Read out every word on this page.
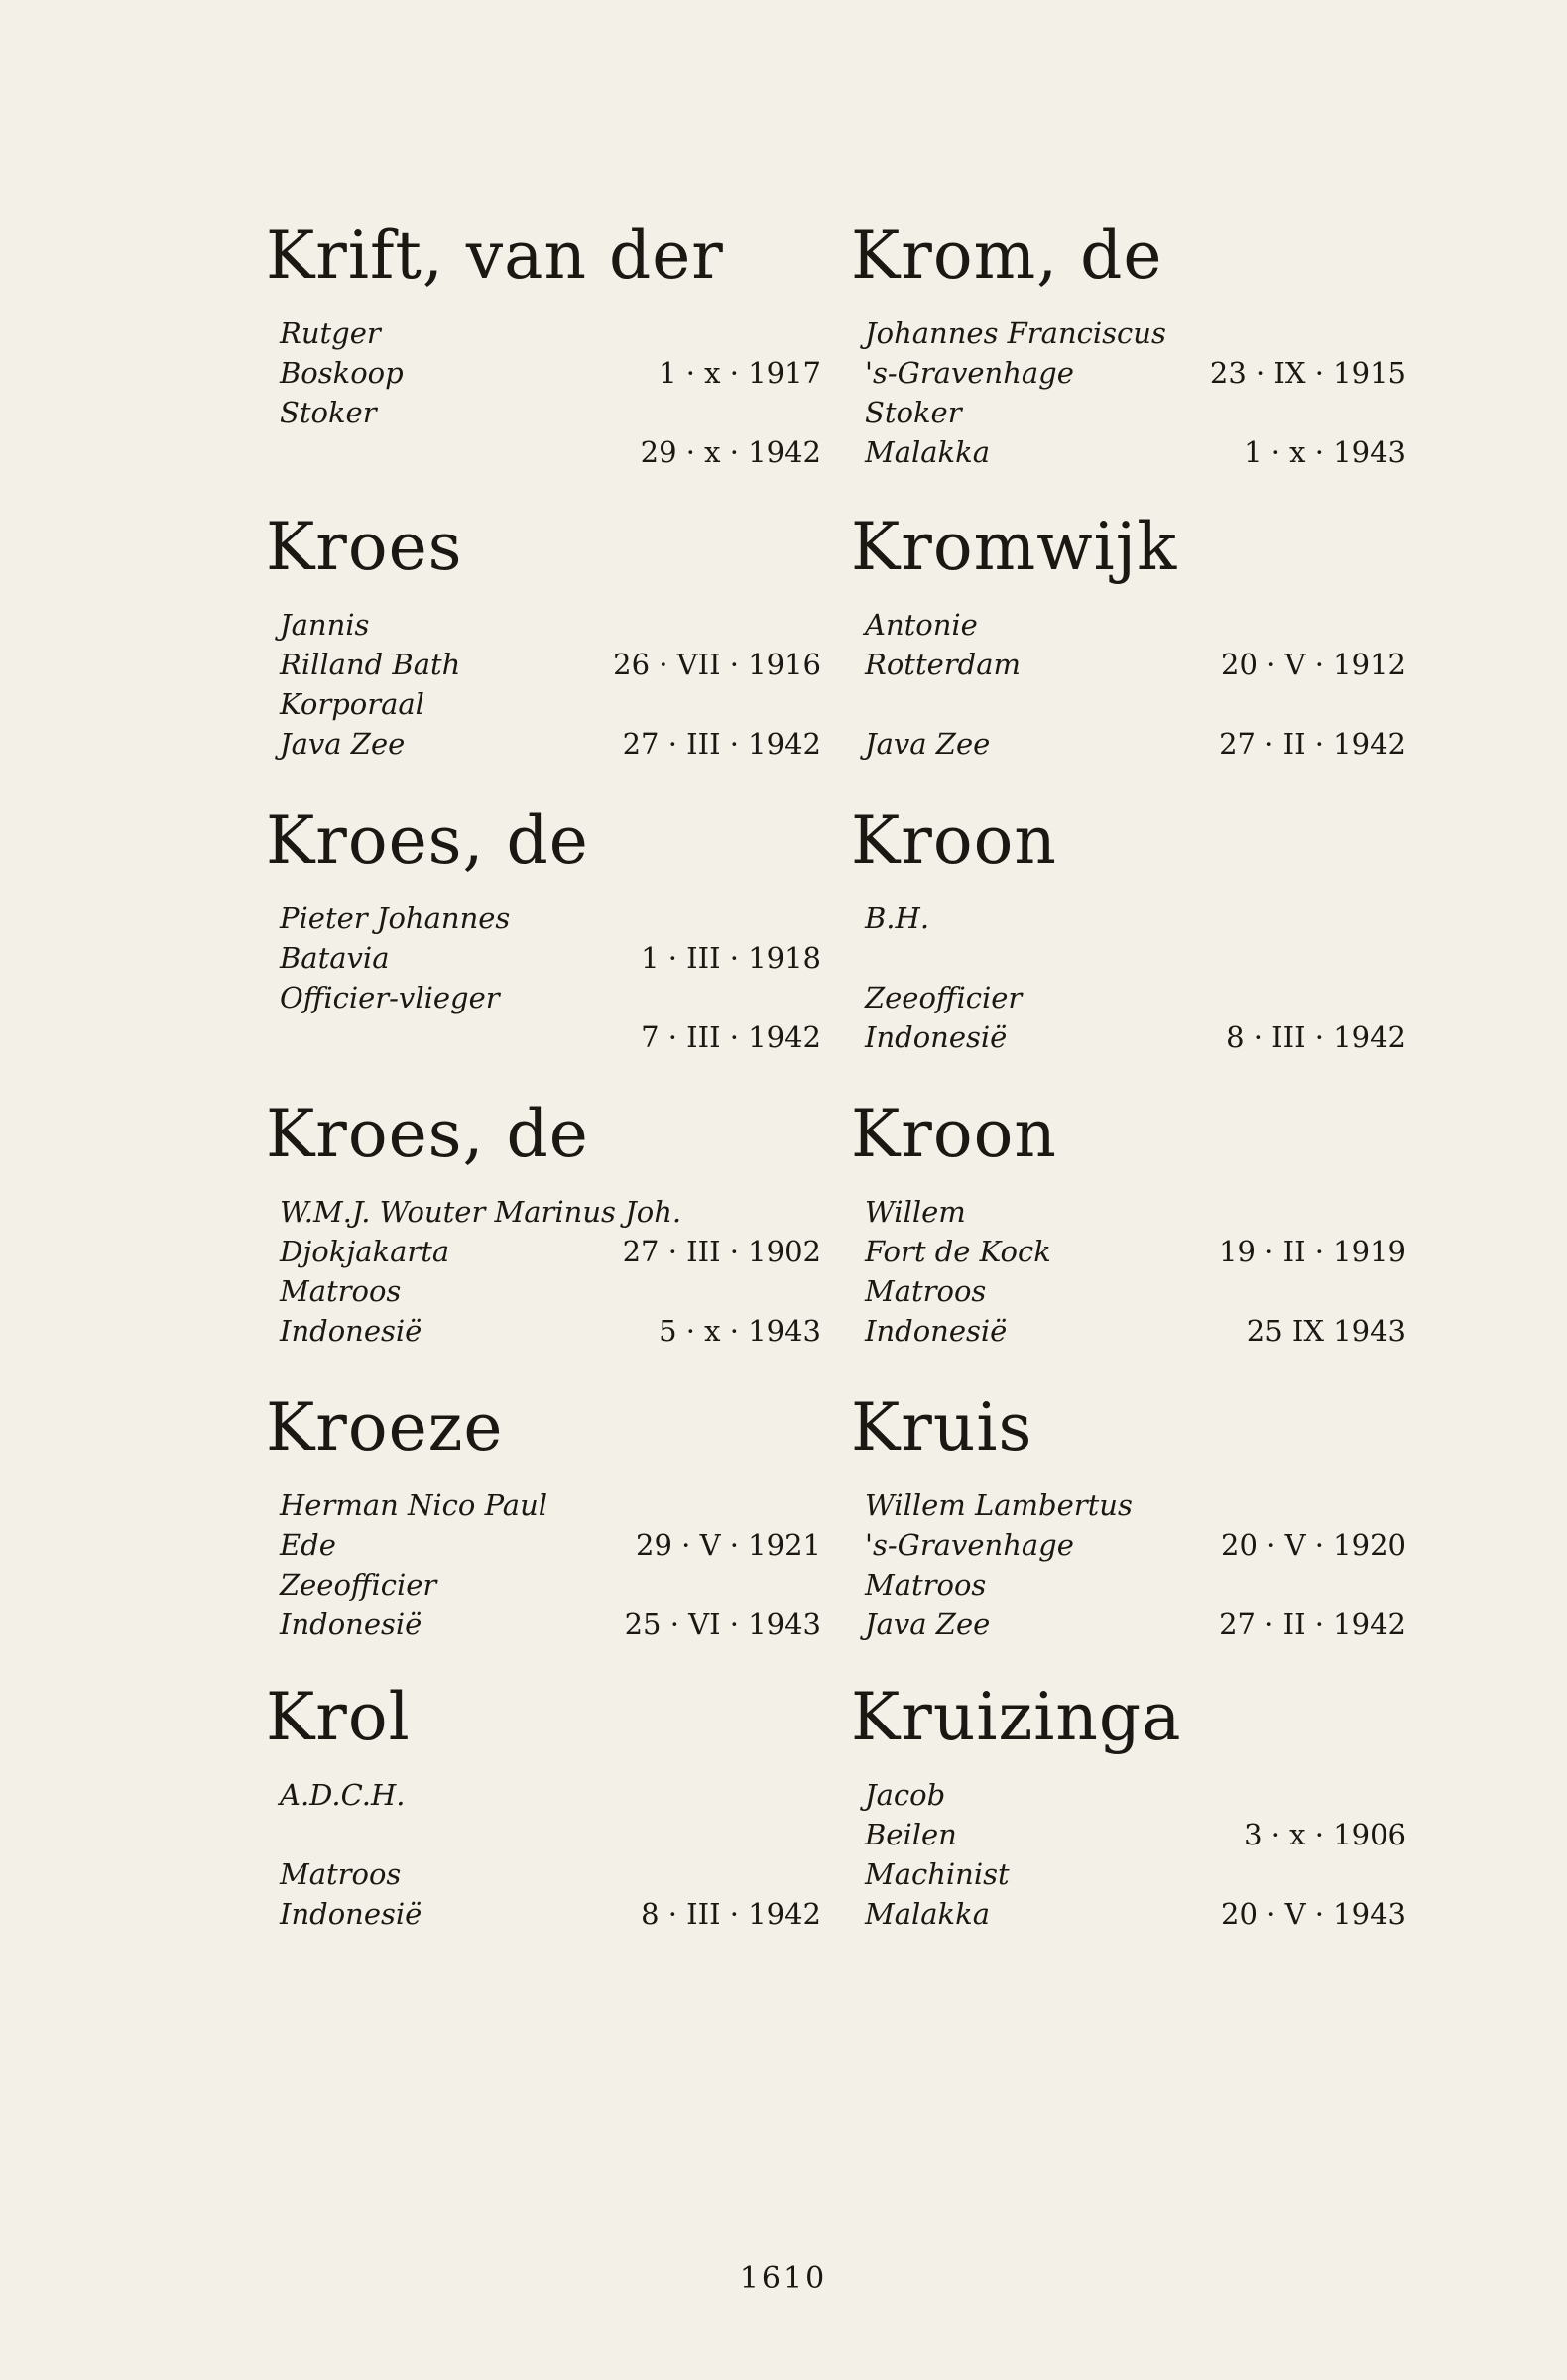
Krift, van der
Rutger
Boskoop	1 · x · 1917
Stoker
29 · x · 1942
Krom, de
Johannes Franciscus
's-Gravenhage	23 · IX · 1915
Stoker
Malakka	1 · x · 1943
Kroes
Jannis
Rilland Bath	26 · VII · 1916
Korporaal
Java Zee	27 · III · 1942
Kromwijk
Antonie
Rotterdam	20 · V · 1912
Java Zee	27 · II · 1942
Kroes, de
Pieter Johannes
Batavia	1 · III · 1918
Officier-vlieger
7 · III · 1942
Kroon
B.H.
Zeeofficier
Indonesië	8 · III · 1942
Kroes, de
W.M.J. Wouter Marinus Joh.
Djokjakarta	27 · III · 1902
Matroos
Indonesië	5 · x · 1943
Kroon
Willem
Fort de Kock	19 · II · 1919
Matroos
Indonesië	25 IX 1943
Kroeze
Herman Nico Paul
Ede	29 · V · 1921
Zeeofficier
Indonesië	25 · VI · 1943
Kruis
Willem Lambertus
's-Gravenhage	20 · V · 1920
Matroos
Java Zee	27 · II · 1942
Krol
A.D.C.H.
Matroos
Indonesië	8 · III · 1942
Kruizinga
Jacob
Beilen	3 · x · 1906
Machinist
Malakka	20 · V · 1943
1610
